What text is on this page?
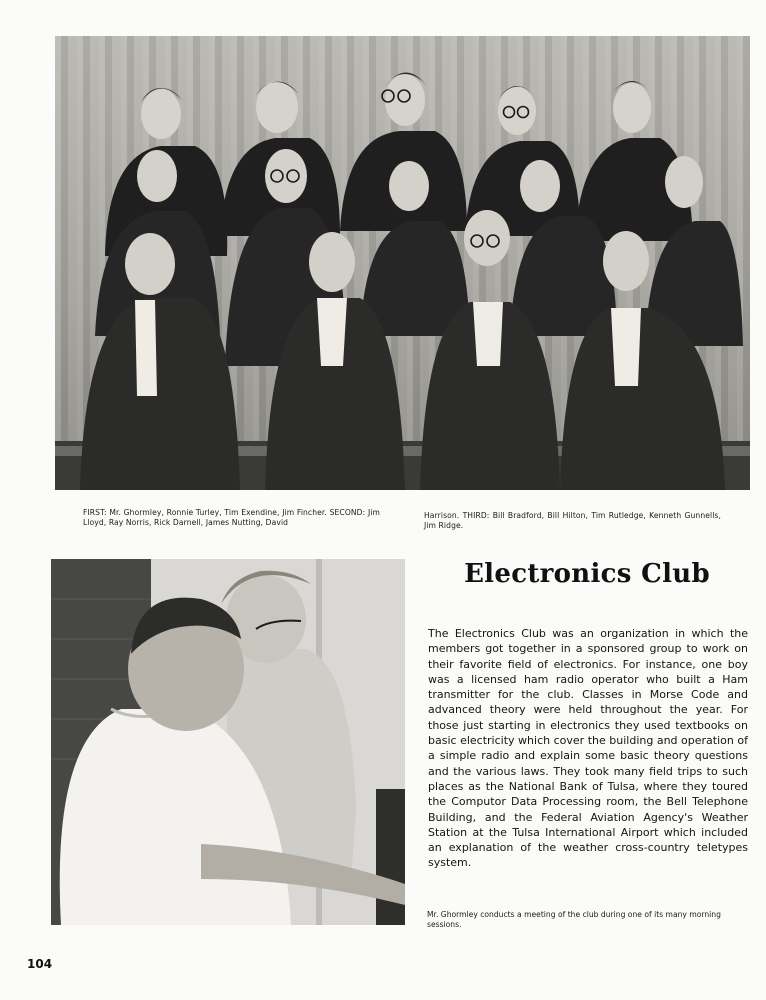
FIRST: Mr. Ghormley, Ronnie Turley, Tim Exendine, Jim Fincher. SECOND: Jim Lloyd, Ray Norris, Rick Darnell, James Nutting, David
Harrison. THIRD: Bill Bradford, Bill Hilton, Tim Rutledge, Kenneth Gunnells, Jim Ridge.
Electronics Club
The Electronics Club was an organization in which the members got together in a sponsored group to work on their favorite field of electronics. For instance, one boy was a licensed ham radio operator who built a Ham transmitter for the club. Classes in Morse Code and advanced theory were held throughout the year. For those just starting in electronics they used textbooks on basic electricity which cover the building and operation of a simple radio and explain some basic theory questions and the various laws. They took many field trips to such places as the National Bank of Tulsa, where they toured the Computor Data Processing room, the Bell Telephone Building, and the Federal Aviation Agency's Weather Station at the Tulsa International Airport which included an explanation of the weather cross-country teletypes system.
Mr. Ghormley conducts a meeting of the club during one of its many morning sessions.
104
